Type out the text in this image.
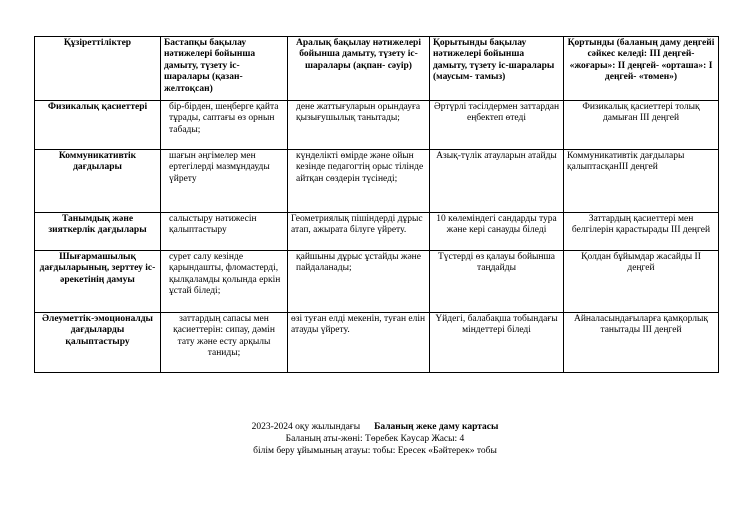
Құзіреттіліктер	Бастапқы бақылау нәтижелері бойынша дамыту, түзету іс-шаралары (қазан- желтоқсан)	Аралық бақылау нәтижелері бойынша дамыту, түзету іс-шаралары (ақпан- сәуір)	Қорытынды бақылау нәтижелері бойынша дамыту, түзету іс-шаралары (маусым- тамыз)	Қортынды (баланың даму деңгейі сәйкес келеді: ІІІ деңгей- «жоғары»: ІІ деңгей- «орташа»: І деңгей- «төмен»)
Физикалық қасиеттері	бір-бірден, шеңберге қайта тұрады, саптағы өз орнын табады;	дене жаттығуларын орындауға қызығушылық танытады;	Әртүрлі тәсілдермен заттардан еңбектеп өтеді	Физикалық қасиеттері толық дамыған ІІІ деңгей
Коммуникативтік дағдылары	шағын әңгімелер мен ертегілерді мазмұндауды үйрету	күнделікті өмірде және ойын кезінде педагогтің орыс тілінде айтқан сөздерін түсінеді;	Азық-түлік атауларын атайды	Коммуникативтік дағдылары қалыптасқанІІІ деңгей
Танымдық және зияткерлік дағдылары	салыстыру нәтижесін қалыптастыру	Геометриялық пішіндерді дұрыс атап, ажырата білуге үйрету.	10 көлеміндегі сандарды тура және кері санауды біледі	Заттардың қасиеттері мен белгілерін қарастырады ІІІ деңгей
Шығармашылық дағдыларының, зерттеу іс-әрекетінің дамуы	сурет салу кезінде қарындашты, фломастерді, қылқаламды қолында еркін ұстай біледі;	қайшыны дұрыс ұстайды және пайдаланады;	Түстерді өз қалауы бойынша таңдайды	Қолдан бұйымдар жасайды ІІ деңгей
Әлеуметтік-эмоционалды дағдыларды қалыптастыру	заттардың сапасы мен қасиеттерін: сипау, дәмін тату және есту арқылы таниды;	өзі туған елді мекенін, туған елін атауды үйрету.	Үйдегі, балабақша тобындағы міндеттері біледі	Айналасындағыларға қамқорлық танытады ІІІ деңгей
2023-2024 оқу жылындағы Баланың жеке даму картасы
Баланың аты-жөні: Төребек Кәусар Жасы: 4
білім беру ұйымының атауы: тобы: Ересек «Бәйтерек» тобы
